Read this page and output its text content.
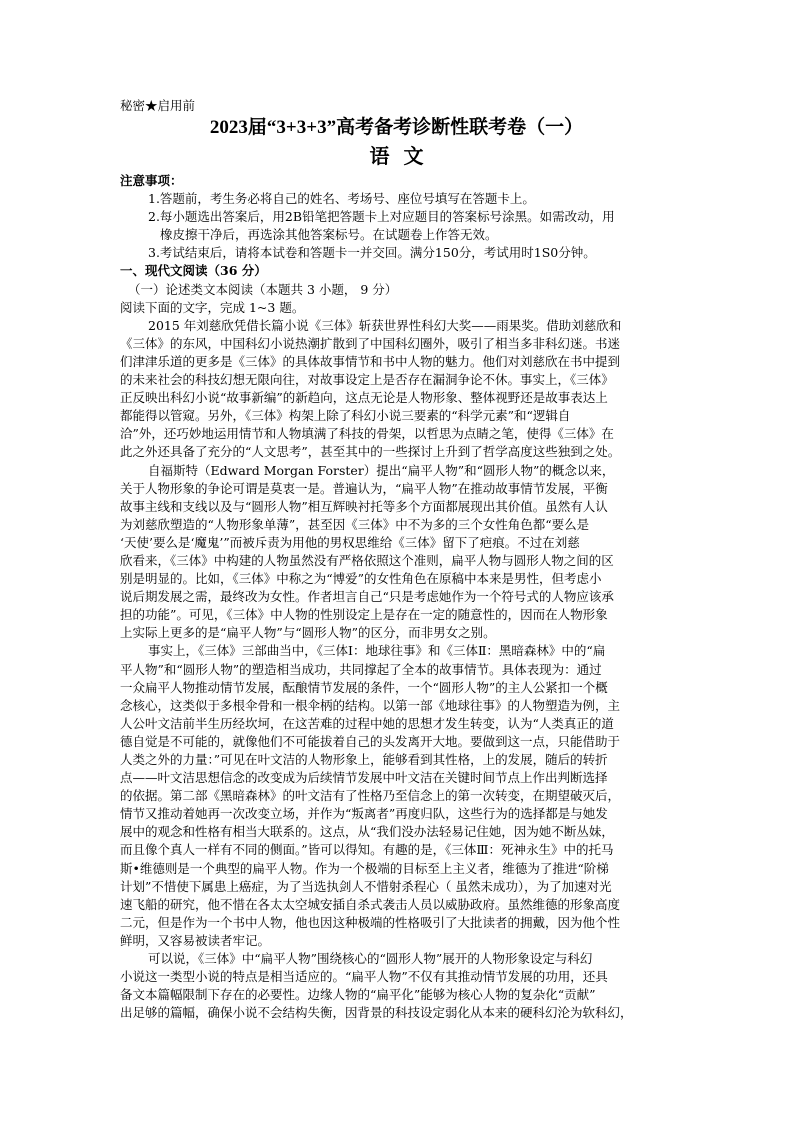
秘密★启用前
2023届“3+3+3”高考备考诊断性联考卷（一）
语文
注意事项：
1.答题前，考生务必将自己的姓名、考场号、座位号填写在答题卡上。
2.每小题选出答案后，用2B铅笔把答题卡上对应题目的答案标号涂黑。如需改动，用
橡皮擦干净后，再选涂其他答案标号。在试题卷上作答无效。
3.考试结束后，请将本试卷和答题卡一并交回。满分150分，考试用时1S0分钟。
一、现代文阅读（36 分）
（一）论述类文本阅读（本题共 3 小题， 9 分）
阅读下面的文字，完成 1~3 题。
2015 年刘慈欣凭借长篇小说《三体》斩获世界性科幻大奖——雨果奖。借助刘慈欣和
《三体》的东风，中国科幻小说热潮扩散到了中国科幻圈外，吸引了相当多非科幻迷。书迷
们津津乐道的更多是《三体》的具体故事情节和书中人物的魅力。他们对刘慈欣在书中提到
的未来社会的科技幻想无限向往，对故事设定上是否存在漏洞争论不休。事实上，《三体》
正反映出科幻小说“故事新编”的新趋向，这点无论是人物形象、整体视野还是故事表达上
都能得以管窥。另外，《三体》构架上除了科幻小说三要素的“科学元素”和“逻辑自
洽”外，还巧妙地运用情节和人物填满了科技的骨架，以哲思为点睛之笔，使得《三体》在
此之外还具备了充分的“人文思考”，甚至其中的一些探讨上升到了哲学高度这些独到之处。
自福斯特（Edward Morgan Forster）提出“扁平人物”和“圆形人物”的概念以来，
关于人物形象的争论可谓是莫衷一是。普遍认为，“扁平人物”在推动故事情节发展，平衡
故事主线和支线以及与“圆形人物”相互辉映衬托等多个方面都展现出其价值。虽然有人认
为刘慈欣塑造的“人物形象单薄”，甚至因《三体》中不为多的三个女性角色都“要么是
‘天使’要么是‘魔鬼’”而被斥责为用他的男权思维给《三体》留下了疤痕。不过在刘慈
欣看来，《三体》中构建的人物虽然没有严格依照这个准则，扁平人物与圆形人物之间的区
别是明显的。比如，《三体》中称之为“博爱”的女性角色在原稿中本来是男性，但考虑小
说后期发展之需，最终改为女性。作者坦言自己“只是考虑她作为一个符号式的人物应该承
担的功能”。可见，《三体》中人物的性别设定上是存在一定的随意性的，因而在人物形象
上实际上更多的是“扁平人物”与“圆形人物”的区分，而非男女之别。
事实上，《三体》三部曲当中，《三体Ⅰ：地球往事》和《三体Ⅱ：黑暗森林》中的“扁
平人物”和“圆形人物”的塑造相当成功，共同撑起了全本的故事情节。具体表现为：通过
一众扁平人物推动情节发展，酝酿情节发展的条件，一个“圆形人物”的主人公紧扣一个概
念核心，这类似于多根伞骨和一根伞柄的结构。以第一部《地球往事》的人物塑造为例，主
人公叶文洁前半生历经坎坷，在这苦难的过程中她的思想才发生转变，认为“人类真正的道
德自觉是不可能的，就像他们不可能拔着自己的头发离开大地。要做到这一点，只能借助于
人类之外的力量：”可见在叶文洁的人物形象上，能够看到其性格，上的发展，随后的转折
点——叶文洁思想信念的改变成为后续情节发展中叶文洁在关键时间节点上作出判断选择
的依据。第二部《黑暗森林》的叶文洁有了性格乃至信念上的第一次转变，在期望破灭后，
情节又推动着她再一次改变立场，并作为“叛离者”再度归队，这些行为的选择都是与她发
展中的观念和性格有相当大联系的。这点，从“我们没办法轻易记住她，因为她不断丛妹，
而且像个真人一样有不同的侧面。”皆可以得知。有趣的是，《三体Ⅲ：死神永生》中的托马
斯•维德则是一个典型的扁平人物。作为一个极端的目标至上主义者，维德为了推进“阶梯
计划”不惜使下属患上癌症，为了当选执剑人不惜射杀程心（ 虽然未成功），为了加速对光
速飞船的研究，他不惜在各太太空城安插自杀式袭击人员以威胁政府。虽然维德的形象高度
二元，但是作为一个书中人物，他也因这种极端的性格吸引了大批读者的拥戴，因为他个性
鲜明，又容易被读者牢记。
可以说，《三体》中“扁平人物”围绕核心的“圆形人物”展开的人物形象设定与科幻
小说这一类型小说的特点是相当适应的。“扁平人物”不仅有其推动情节发展的功用，还具
备文本篇幅限制下存在的必要性。边缘人物的“扁平化”能够为核心人物的复杂化“贡献”
出足够的篇幅，确保小说不会结构失衡，因背景的科技设定弱化从本来的硬科幻沦为软科幻，
